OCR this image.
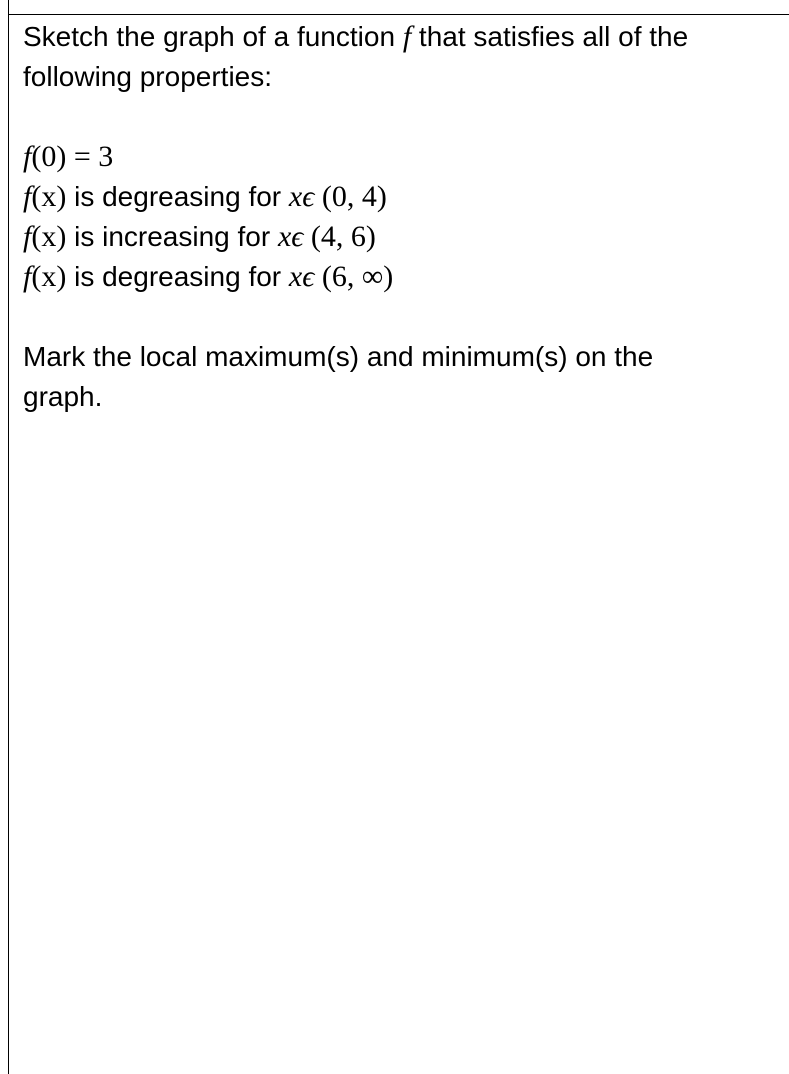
Sketch the graph of a function f that satisfies all of the
following properties:
f(0) = 3
f(x) is degreasing for xϵ (0, 4)
f(x) is increasing for xϵ (4, 6)
f(x) is degreasing for xϵ (6, ∞)
Mark the local maximum(s) and minimum(s) on the
graph.
